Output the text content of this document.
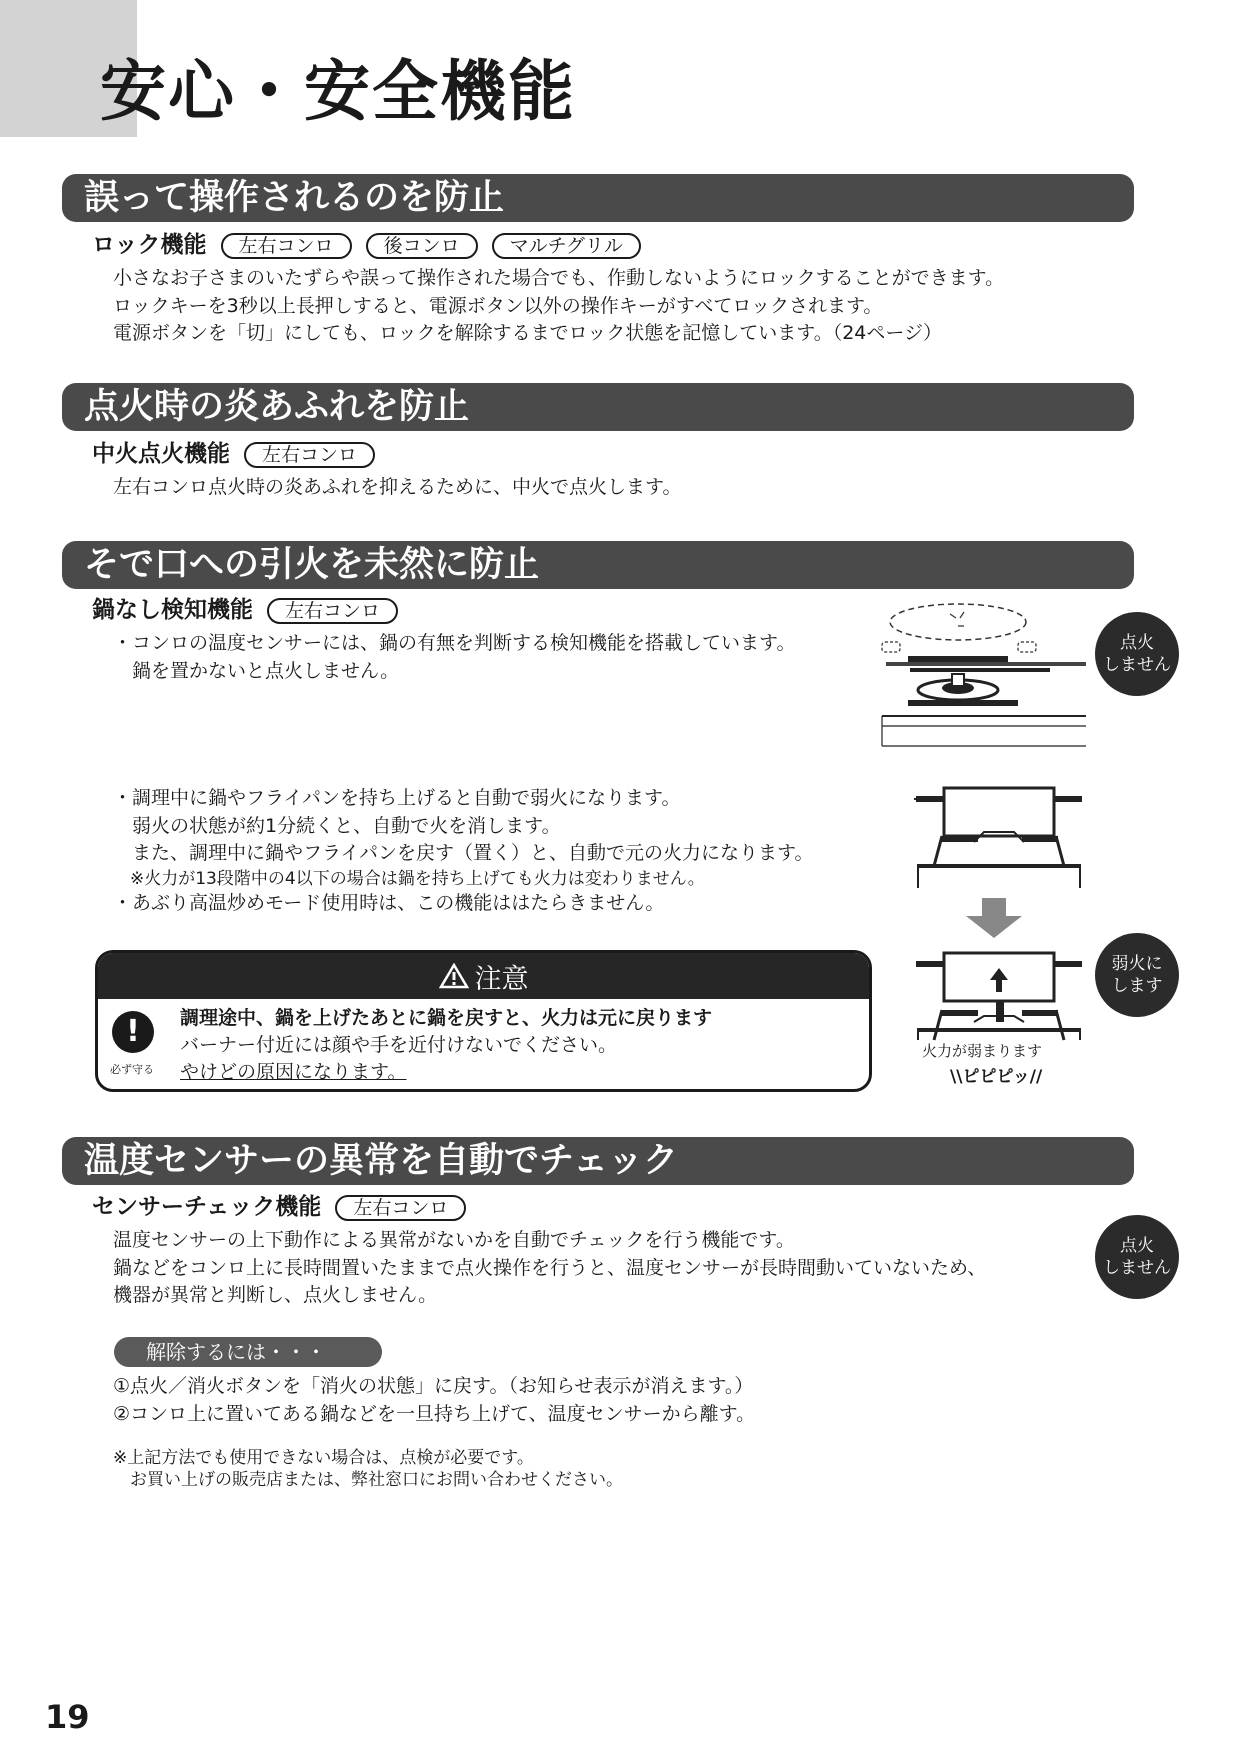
安心・安全機能
誤って操作されるのを防止
ロック機能 左右コンロ	後コンロ	マルチグリル
小さなお子さまのいたずらや誤って操作された場合でも、作動しないようにロックすることができます。
ロックキーを3秒以上長押しすると、電源ボタン以外の操作キーがすべてロックされます。
電源ボタンを「切」にしても、ロックを解除するまでロック状態を記憶しています。（24ページ）
点火時の炎あふれを防止
中火点火機能 左右コンロ
左右コンロ点火時の炎あふれを抑えるために、中火で点火します。
そで口への引火を未然に防止
鍋なし検知機能 左右コンロ
・コンロの温度センサーには、鍋の有無を判断する検知機能を搭載しています。
　鍋を置かないと点火しません。
点火
しません
・調理中に鍋やフライパンを持ち上げると自動で弱火になります。
　弱火の状態が約1分続くと、自動で火を消します。
　また、調理中に鍋やフライパンを戻す（置く）と、自動で元の火力になります。
　※火力が13段階中の4以下の場合は鍋を持ち上げても火力は変わりません。
・あぶり高温炒めモード使用時は、この機能ははたらきません。
火力が弱まります
\\ピピピッ//
弱火に
します
注意
!
必ず守る
調理途中、鍋を上げたあとに鍋を戻すと、火力は元に戻ります
バーナー付近には顔や手を近付けないでください。
やけどの原因になります。
温度センサーの異常を自動でチェック
センサーチェック機能 左右コンロ
温度センサーの上下動作による異常がないかを自動でチェックを行う機能です。
鍋などをコンロ上に長時間置いたままで点火操作を行うと、温度センサーが長時間動いていないため、
機器が異常と判断し、点火しません。
点火
しません
解除するには・・・
①点火／消火ボタンを「消火の状態」に戻す。（お知らせ表示が消えます。）
②コンロ上に置いてある鍋などを一旦持ち上げて、温度センサーから離す。
※上記方法でも使用できない場合は、点検が必要です。
　お買い上げの販売店または、弊社窓口にお問い合わせください。
19
